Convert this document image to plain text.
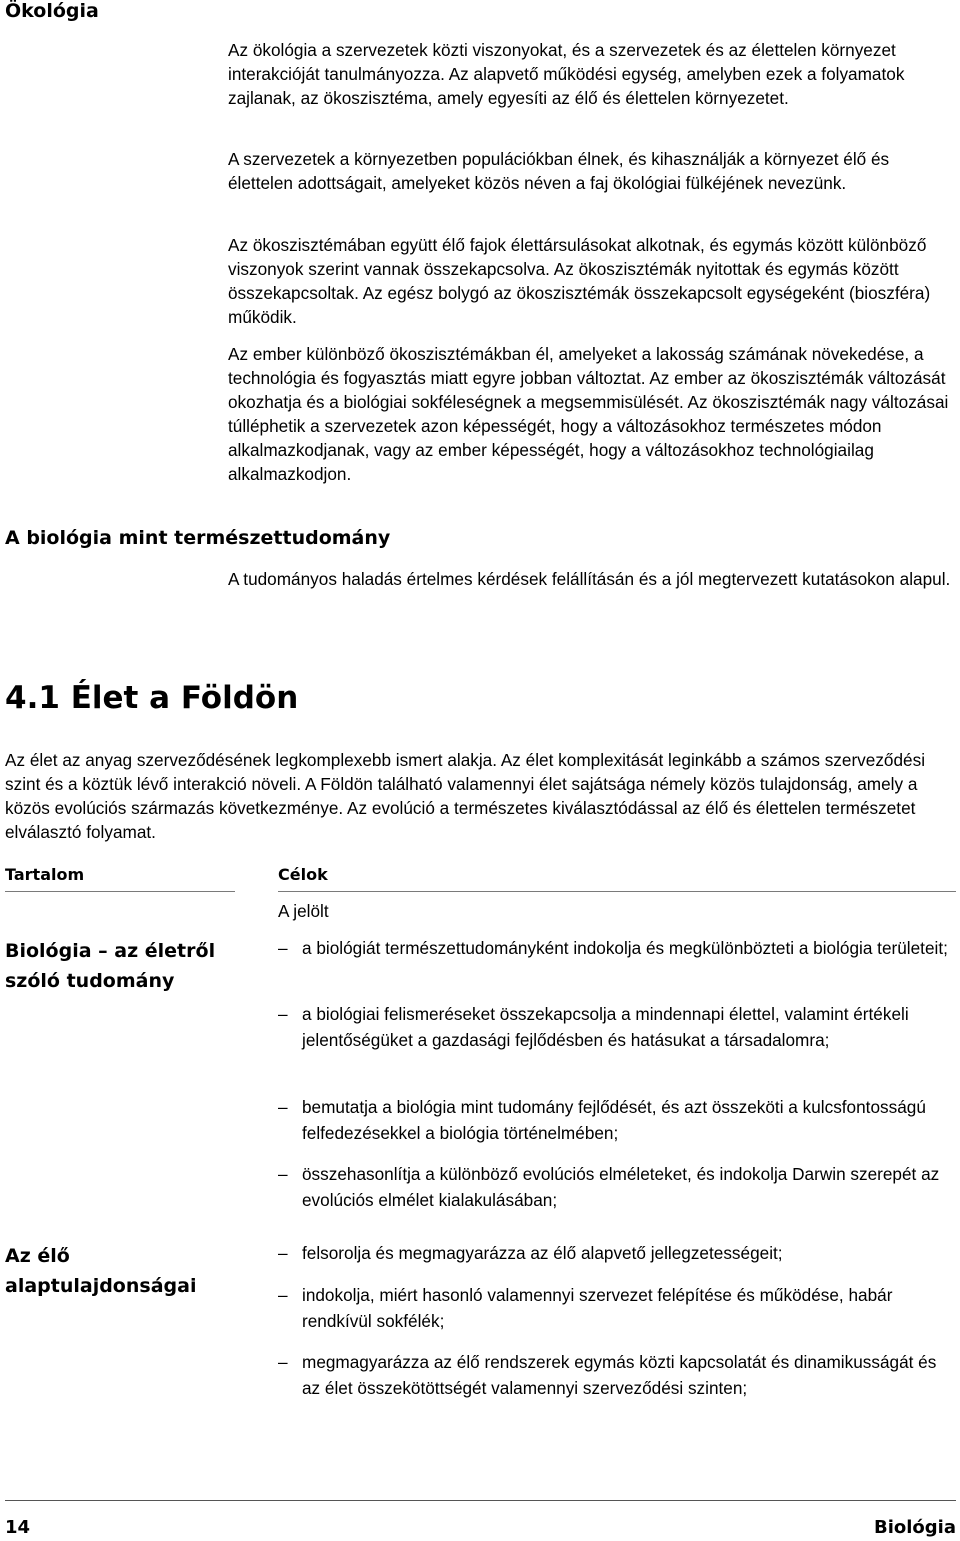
Ökológia

Az ökológia a szervezetek közti viszonyokat, és a szervezetek és az élettelen környezet interakcióját tanulmányozza. Az alapvető működési egység, amelyben ezek a folyamatok zajlanak, az ökoszisztéma, amely egyesíti az élő és élettelen környezetet.

A szervezetek a környezetben populációkban élnek, és kihasználják a környezet élő és élettelen adottságait, amelyeket közös néven a faj ökológiai fülkéjének nevezünk.

Az ökoszisztémában együtt élő fajok élettársulásokat alkotnak, és egymás között különböző viszonyok szerint vannak összekapcsolva. Az ökoszisztémák nyitottak és egymás között összekapcsoltak. Az egész bolygó az ökoszisztémák összekapcsolt egységeként (bioszféra) működik.

Az ember különböző ökoszisztémákban él, amelyeket a lakosság számának növekedése, a technológia és fogyasztás miatt egyre jobban változtat. Az ember az ökoszisztémák változását okozhatja és a biológiai sokféleségnek a megsemmisülését. Az ökoszisztémák nagy változásai túlléphetik a szervezetek azon képességét, hogy a változásokhoz természetes módon alkalmazkodjanak, vagy az ember képességét, hogy a változásokhoz technológiailag alkalmazkodjon.

A biológia mint természettudomány

A tudományos haladás értelmes kérdések felállításán és a jól megtervezett kutatásokon alapul.

4.1 Élet a Földön

Az élet az anyag szerveződésének legkomplexebb ismert alakja. Az élet komplexitását leginkább a számos szerveződési szint és a köztük lévő interakció növeli. A Földön található valamennyi élet sajátsága némely közös tulajdonság, amely a közös evolúciós származás következménye. Az evolúció a természetes kiválasztódással az élő és élettelen természetet elválasztó folyamat.

Tartalom	Célok
A jelölt
Biológia – az életről szóló tudomány
– a biológiát természettudományként indokolja és megkülönbözteti a biológia területeit;
– a biológiai felismeréseket összekapcsolja a mindennapi élettel, valamint értékeli jelentőségüket a gazdasági fejlődésben és hatásukat a társadalomra;
– bemutatja a biológia mint tudomány fejlődését, és azt összeköti a kulcsfontosságú felfedezésekkel a biológia történelmében;
– összehasonlítja a különböző evolúciós elméleteket, és indokolja Darwin szerepét az evolúciós elmélet kialakulásában;
Az élő alaptulajdonságai
– felsorolja és megmagyarázza az élő alapvető jellegzetességeit;
– indokolja, miért hasonló valamennyi szervezet felépítése és működése, habár rendkívül sokfélék;
– megmagyarázza az élő rendszerek egymás közti kapcsolatát és dinamikusságát és az élet összekötöttségét valamennyi szerveződési szinten;
14	Biológia
